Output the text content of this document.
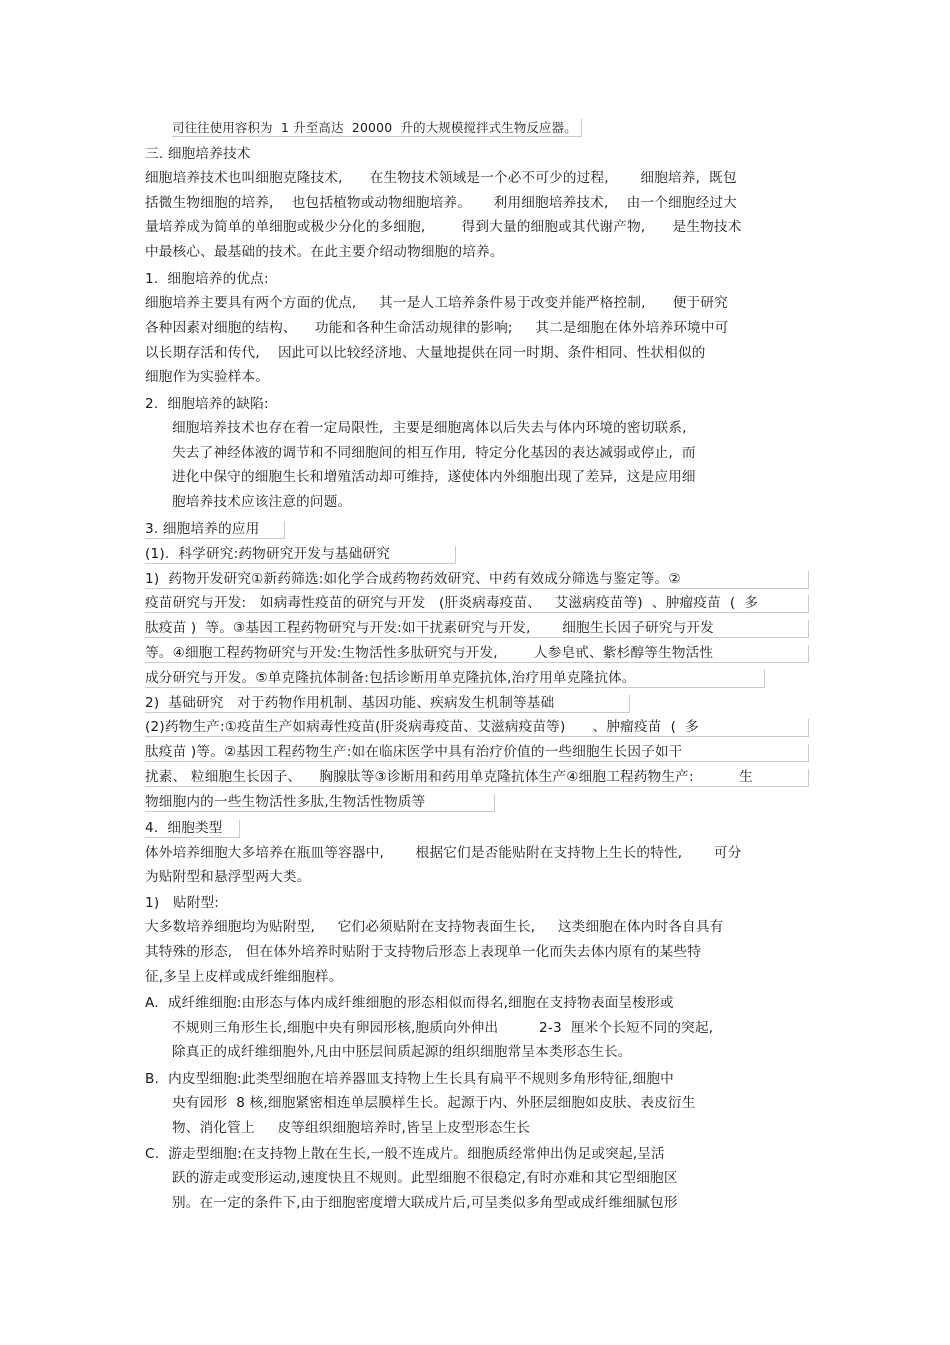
司往往使用容积为  1 升至高达  20000  升的大规模搅拌式生物反应器。
三. 细胞培养技术
细胞培养技术也叫细胞克隆技术,      在生物技术领域是一个必不可少的过程,       细胞培养,  既包
括微生物细胞的培养,    也包括植物或动物细胞培养。     利用细胞培养技术,    由一个细胞经过大
量培养成为简单的单细胞或极少分化的多细胞,        得到大量的细胞或其代谢产物,      是生物技术
中最核心、最基础的技术。在此主要介绍动物细胞的培养。
1.  细胞培养的优点:
细胞培养主要具有两个方面的优点,     其一是人工培养条件易于改变并能严格控制,      便于研究
各种因素对细胞的结构、    功能和各种生命活动规律的影响;     其二是细胞在体外培养环境中可
以长期存活和传代,    因此可以比较经济地、大量地提供在同一时期、条件相同、性状相似的
细胞作为实验样本。
2.  细胞培养的缺陷:
细胞培养技术也存在着一定局限性,  主要是细胞离体以后失去与体内环境的密切联系,
失去了神经体液的调节和不同细胞间的相互作用,  特定分化基因的表达减弱或停止,  而
进化中保守的细胞生长和增殖活动却可维持,  遂使体内外细胞出现了差异,  这是应用细
胞培养技术应该注意的问题。
3. 细胞培养的应用
(1).  科学研究:药物研究开发与基础研究
1)  药物开发研究①新药筛选:如化学合成药物药效研究、中药有效成分筛选与鉴定等。②
疫苗研究与开发:   如病毒性疫苗的研究与开发   (肝炎病毒疫苗、   艾滋病疫苗等)  、肿瘤疫苗  (  多
肽疫苗 )  等。③基因工程药物研究与开发:如干扰素研究与开发,       细胞生长因子研究与开发
等。④细胞工程药物研究与开发:生物活性多肽研究与开发,        人参皂甙、紫杉醇等生物活性
成分研究与开发。⑤单克隆抗体制备:包括诊断用单克隆抗体,治疗用单克隆抗体。
2)  基础研究   对于药物作用机制、基因功能、疾病发生机制等基础
(2)药物生产:①疫苗生产如病毒性疫苗(肝炎病毒疫苗、艾滋病疫苗等)      、肿瘤疫苗  (  多
肽疫苗 )等。②基因工程药物生产:如在临床医学中具有治疗价值的一些细胞生长因子如干
扰素、 粒细胞生长因子、    胸腺肽等③诊断用和药用单克隆抗体生产④细胞工程药物生产:          生
物细胞内的一些生物活性多肽,生物活性物质等
4.  细胞类型
体外培养细胞大多培养在瓶皿等容器中,       根据它们是否能贴附在支持物上生长的特性,       可分
为贴附型和悬浮型两大类。
1)   贴附型:
大多数培养细胞均为贴附型,     它们必须贴附在支持物表面生长,     这类细胞在体内时各自具有
其特殊的形态,   但在体外培养时贴附于支持物后形态上表现单一化而失去体内原有的某些特
征,多呈上皮样或成纤维细胞样。
A.  成纤维细胞:由形态与体内成纤维细胞的形态相似而得名,细胞在支持物表面呈梭形或
不规则三角形生长,细胞中央有卵园形核,胞质向外伸出         2-3  厘米个长短不同的突起,
除真正的成纤维细胞外,凡由中胚层间质起源的组织细胞常呈本类形态生长。
B.  内皮型细胞:此类型细胞在培养器皿支持物上生长具有扁平不规则多角形特征,细胞中
央有园形  8 核,细胞紧密相连单层膜样生长。起源于内、外胚层细胞如皮肤、表皮衍生
物、消化管上     皮等组织细胞培养时,皆呈上皮型形态生长
C.  游走型细胞:在支持物上散在生长,一般不连成片。细胞质经常伸出伪足或突起,呈活
跃的游走或变形运动,速度快且不规则。此型细胞不很稳定,有时亦难和其它型细胞区
别。在一定的条件下,由于细胞密度增大联成片后,可呈类似多角型或成纤维细腻包形
